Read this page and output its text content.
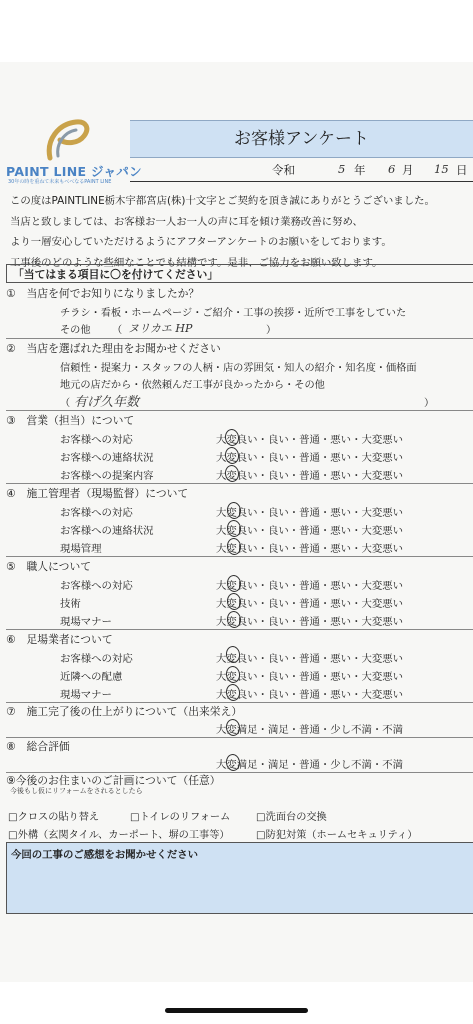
PAINT LINE ジャパン
30年の時を重ねて未来もべべなるPAINT LINE
お客様アンケート
令和	5 年 6 月 15 日
この度はPAINTLINE栃木宇都宮店(株)十文字とご契約を頂き誠にありがとうございました。
当店と致しましては、お客様お一人お一人の声に耳を傾け業務改善に努め、
より一層安心していただけるようにアフターアンケートのお願いをしております。
工事後のどのような些細なことでも結構です。是非、ご協力をお願い致します。
「当てはまる項目に〇を付けてください」
①　当店を何でお知りになりましたか？
チラシ・看板・ホームページ・ご紹介・工事の挨拶・近所で工事をしていた
その他 （ ヌリカエ HP	）
②　当店を選ばれた理由をお聞かせください
信頼性・提案力・スタッフの人柄・店の雰囲気・知人の紹介・知名度・価格面
地元の店だから・依然頼んだ工事が良かったから・その他
（ 有げ久年数	）
③　営業（担当）について
お客様への対応	大変良い・良い・普通・悪い・大変悪い
お客様への連絡状況	大変良い・良い・普通・悪い・大変悪い
お客様への提案内容	大変良い・良い・普通・悪い・大変悪い
④　施工管理者（現場監督）について
お客様への対応	大変良い・良い・普通・悪い・大変悪い
お客様への連絡状況	大変良い・良い・普通・悪い・大変悪い
現場管理	大変良い・良い・普通・悪い・大変悪い
⑤　職人について
お客様への対応	大変良い・良い・普通・悪い・大変悪い
技術	大変良い・良い・普通・悪い・大変悪い
現場マナー	大変良い・良い・普通・悪い・大変悪い
⑥　足場業者について
お客様への対応	大変良い・良い・普通・悪い・大変悪い
近隣への配慮	大変良い・良い・普通・悪い・大変悪い
現場マナー	大変良い・良い・普通・悪い・大変悪い
⑦　施工完了後の仕上がりについて（出来栄え）
大変満足・満足・普通・少し不満・不満
⑧　総合評価
大変満足・満足・普通・少し不満・不満
⑨今後のお住まいのご計画について（任意）
今後もし仮にリフォームをされるとしたら
□クロスの貼り替え	□トイレのリフォーム	□洗面台の交換
□外構（玄関タイル、カーポート、塀の工事等）	□防犯対策（ホームセキュリティ）
今回の工事のご感想をお聞かせください
